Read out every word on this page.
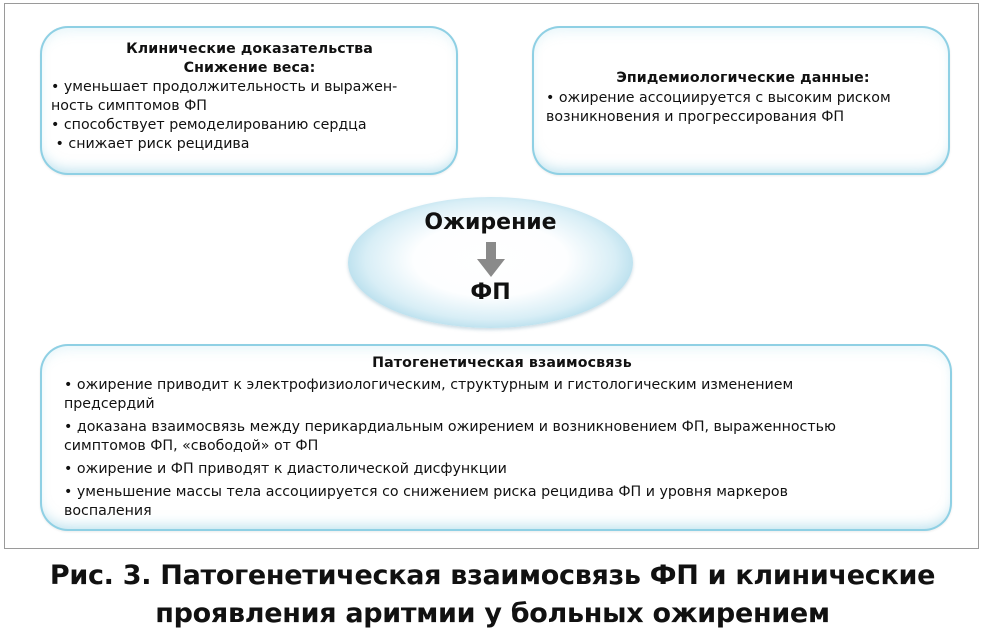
Клинические доказательства
Снижение веса:
• уменьшает продолжительность и выражен-
ность симптомов ФП
• способствует ремоделированию сердца
• снижает риск рецидива
Эпидемиологические данные:
• ожирение ассоциируется с высоким риском
возникновения и прогрессирования ФП
Ожирение
ФП
Патогенетическая взаимосвязь
• ожирение приводит к электрофизиологическим, структурным и гистологическим изменением
предсердий
• доказана взаимосвязь между перикардиальным ожирением и возникновением ФП, выраженностью
симптомов ФП, «свободой» от ФП
• ожирение и ФП приводят к диастолической дисфункции
• уменьшение массы тела ассоциируется со снижением риска рецидива ФП и уровня маркеров
воспаления
Рис. 3. Патогенетическая взаимосвязь ФП и клинические
проявления аритмии у больных ожирением
